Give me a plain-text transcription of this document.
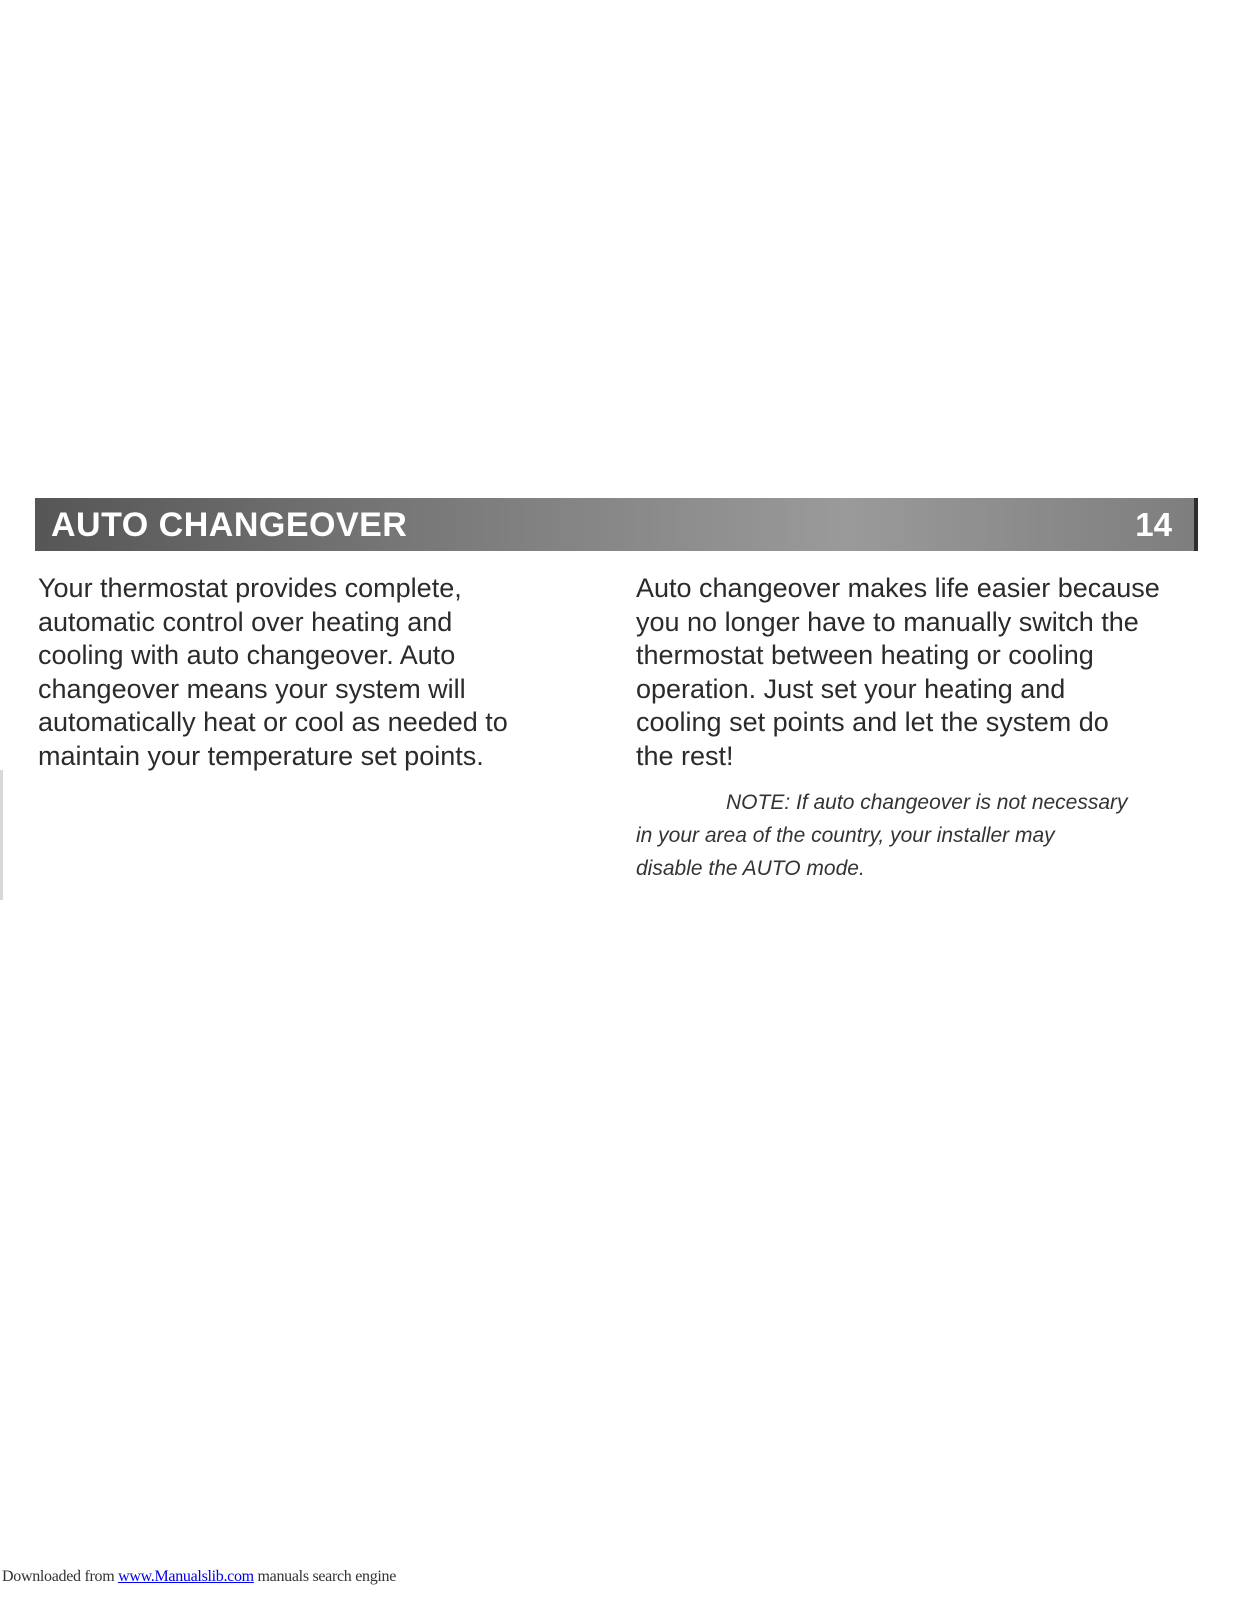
AUTO CHANGEOVER	14

Your thermostat provides complete,
automatic control over heating and
cooling with auto changeover. Auto
changeover means your system will
automatically heat or cool as needed to
maintain your temperature set points.

Auto changeover makes life easier because
you no longer have to manually switch the
thermostat between heating or cooling
operation. Just set your heating and
cooling set points and let the system do
the rest!

NOTE: If auto changeover is not necessary
in your area of the country, your installer may
disable the AUTO mode.
Downloaded from www.Manualslib.com manuals search engine
